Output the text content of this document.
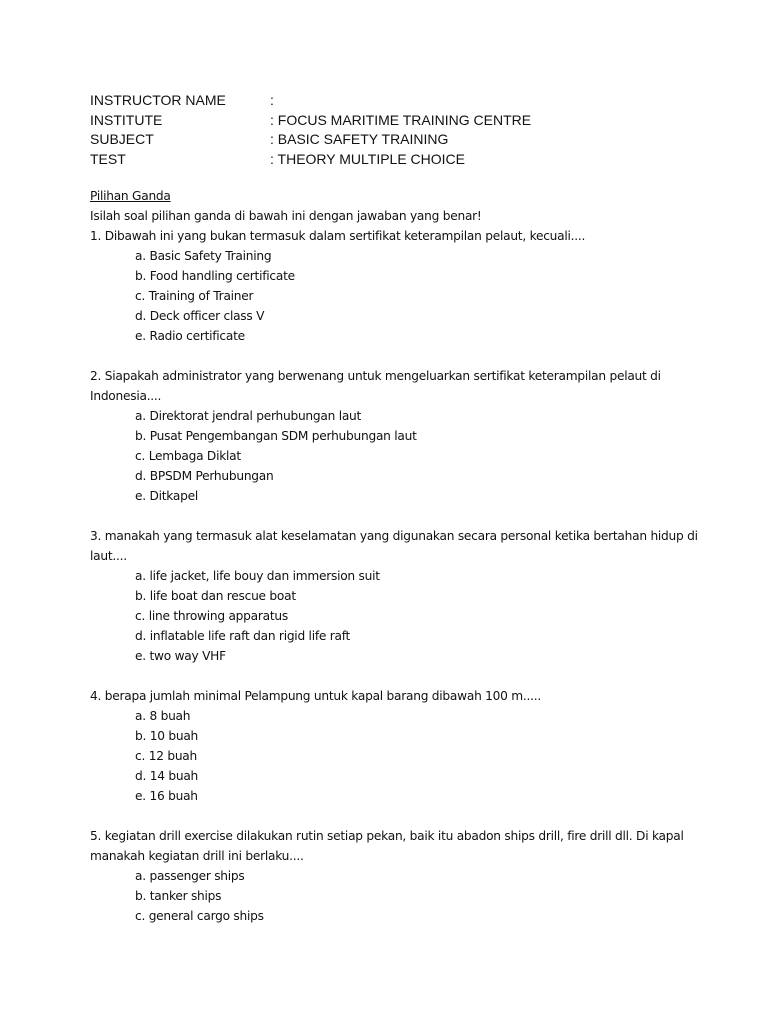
INSTRUCTOR NAME	:
INSTITUTE	: FOCUS MARITIME TRAINING CENTRE
SUBJECT	: BASIC SAFETY TRAINING
TEST	: THEORY MULTIPLE CHOICE
Pilihan Ganda
Isilah soal pilihan ganda di bawah ini dengan jawaban yang benar!
1. Dibawah ini yang bukan termasuk dalam sertifikat keterampilan pelaut, kecuali....
a. Basic Safety Training
b. Food handling certificate
c. Training of Trainer
d. Deck officer class V
e. Radio certificate
2. Siapakah administrator yang berwenang untuk mengeluarkan sertifikat keterampilan pelaut di
Indonesia....
a. Direktorat jendral perhubungan laut
b. Pusat Pengembangan SDM perhubungan laut
c. Lembaga Diklat
d. BPSDM Perhubungan
e. Ditkapel
3. manakah yang termasuk alat keselamatan yang digunakan secara personal ketika bertahan hidup di
laut....
a. life jacket, life bouy dan immersion suit
b. life boat dan rescue boat
c. line throwing apparatus
d. inflatable life raft dan rigid life raft
e. two way VHF
4. berapa jumlah minimal Pelampung untuk kapal barang dibawah 100 m.....
a. 8 buah
b. 10 buah
c. 12 buah
d. 14 buah
e. 16 buah
5. kegiatan drill exercise dilakukan rutin setiap pekan, baik itu abadon ships drill, fire drill dll. Di kapal
manakah kegiatan drill ini berlaku....
a. passenger ships
b. tanker ships
c. general cargo ships
